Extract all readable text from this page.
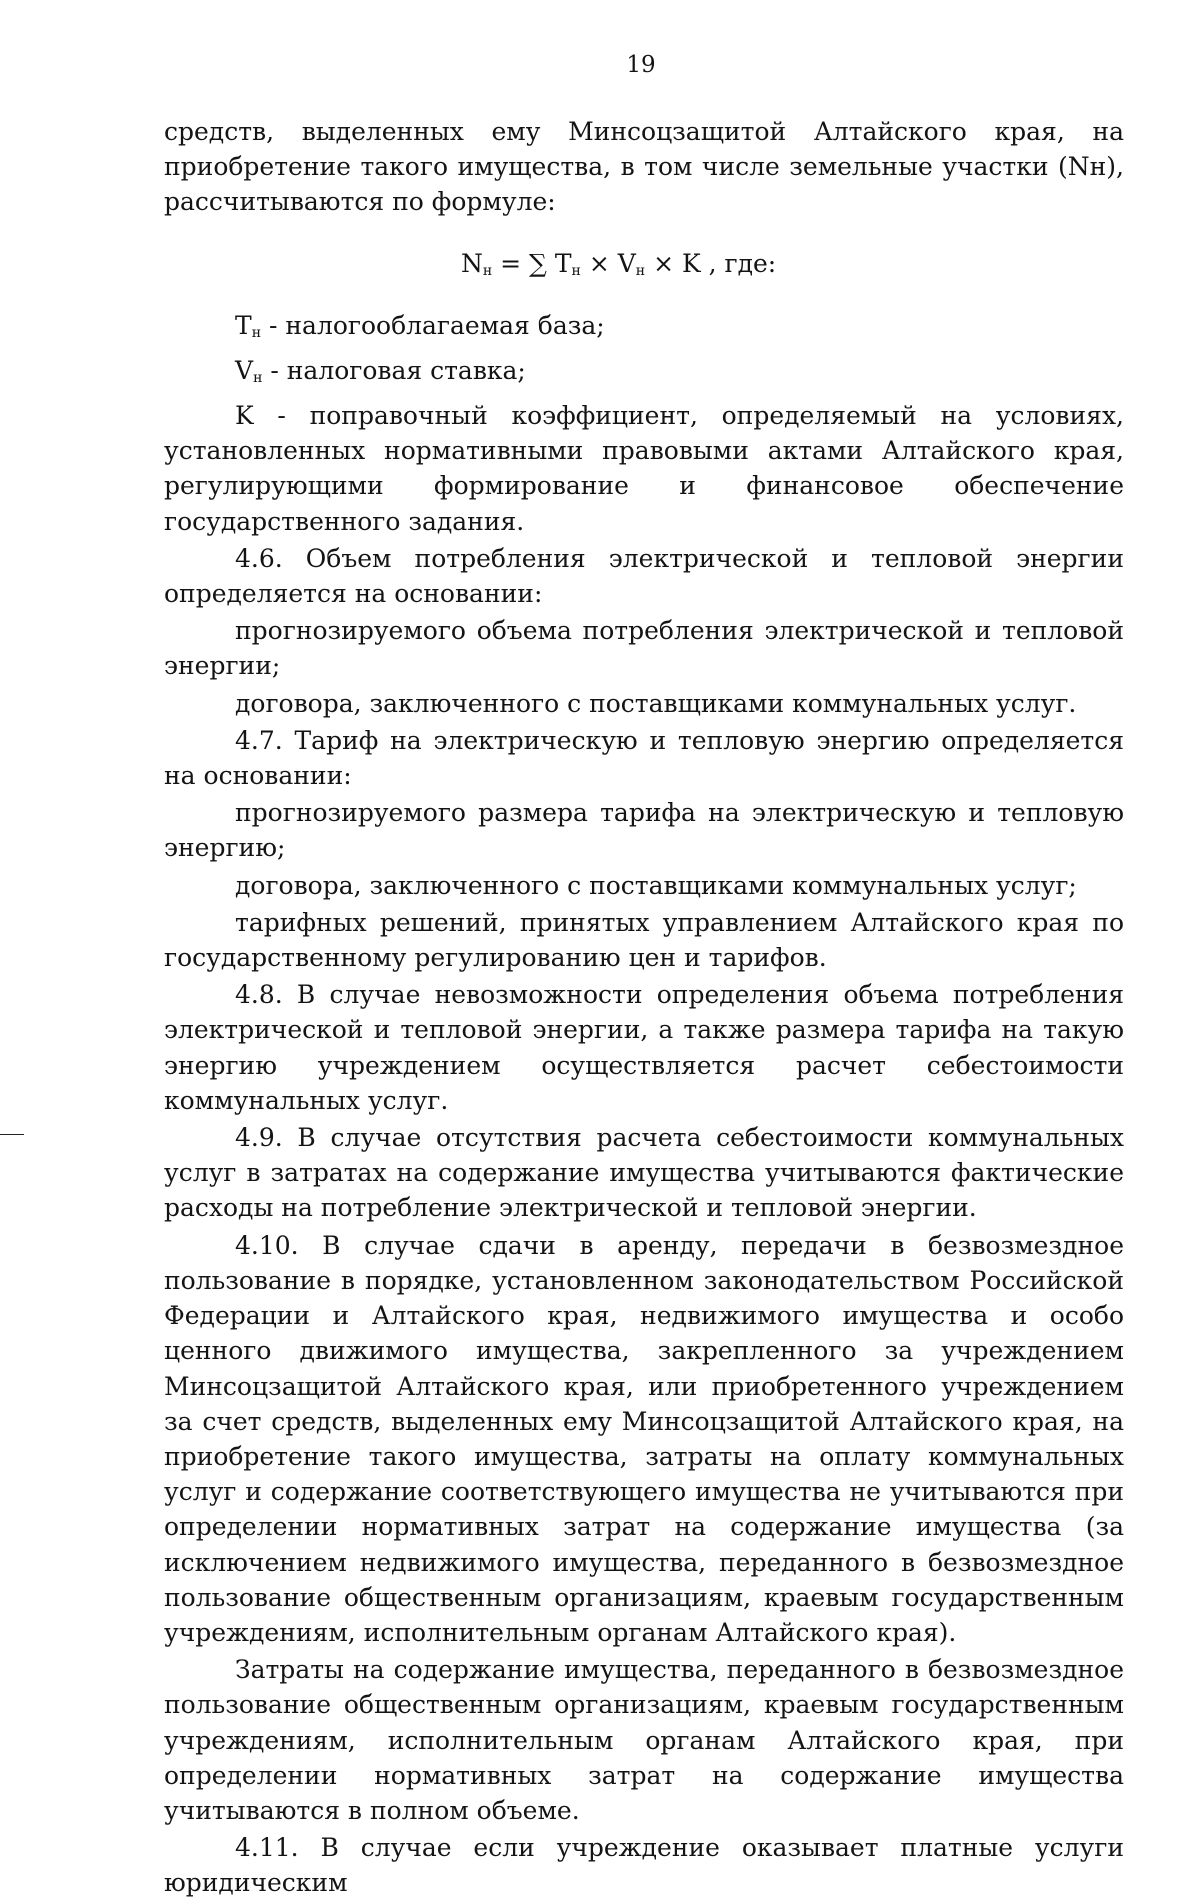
19

средств, выделенных ему Минсоцзащитой Алтайского края, на приобретение такого имущества, в том числе земельные участки (Nн), рассчитываются по формуле:

$N_н$ = ∑ $T_н \times V_н \times K$ , где:

$T_н$ - налогооблагаемая база;

$V_н$ - налоговая ставка;

K - поправочный коэффициент, определяемый на условиях, установленных нормативными правовыми актами Алтайского края, регулирующими формирование и финансовое обеспечение государственного задания.

4.6. Объем потребления электрической и тепловой энергии определяется на основании:

прогнозируемого объема потребления электрической и тепловой энергии;

договора, заключенного с поставщиками коммунальных услуг.

4.7. Тариф на электрическую и тепловую энергию определяется на основании:

прогнозируемого размера тарифа на электрическую и тепловую энергию;

договора, заключенного с поставщиками коммунальных услуг;

тарифных решений, принятых управлением Алтайского края по государственному регулированию цен и тарифов.

4.8. В случае невозможности определения объема потребления электрической и тепловой энергии, а также размера тарифа на такую энергию учреждением осуществляется расчет себестоимости коммунальных услуг.

4.9. В случае отсутствия расчета себестоимости коммунальных услуг в затратах на содержание имущества учитываются фактические расходы на потребление электрической и тепловой энергии.

4.10. В случае сдачи в аренду, передачи в безвозмездное пользование в порядке, установленном законодательством Российской Федерации и Алтайского края, недвижимого имущества и особо ценного движимого имущества, закрепленного за учреждением Минсоцзащитой Алтайского края, или приобретенного учреждением за счет средств, выделенных ему Минсоцзащитой Алтайского края, на приобретение такого имущества, затраты на оплату коммунальных услуг и содержание соответствующего имущества не учитываются при определении нормативных затрат на содержание имущества (за исключением недвижимого имущества, переданного в безвозмездное пользование общественным организациям, краевым государственным учреждениям, исполнительным органам Алтайского края).

Затраты на содержание имущества, переданного в безвозмездное пользование общественным организациям, краевым государственным учреждениям, исполнительным органам Алтайского края, при определении нормативных затрат на содержание имущества учитываются в полном объеме.

4.11. В случае если учреждение оказывает платные услуги юридическим
